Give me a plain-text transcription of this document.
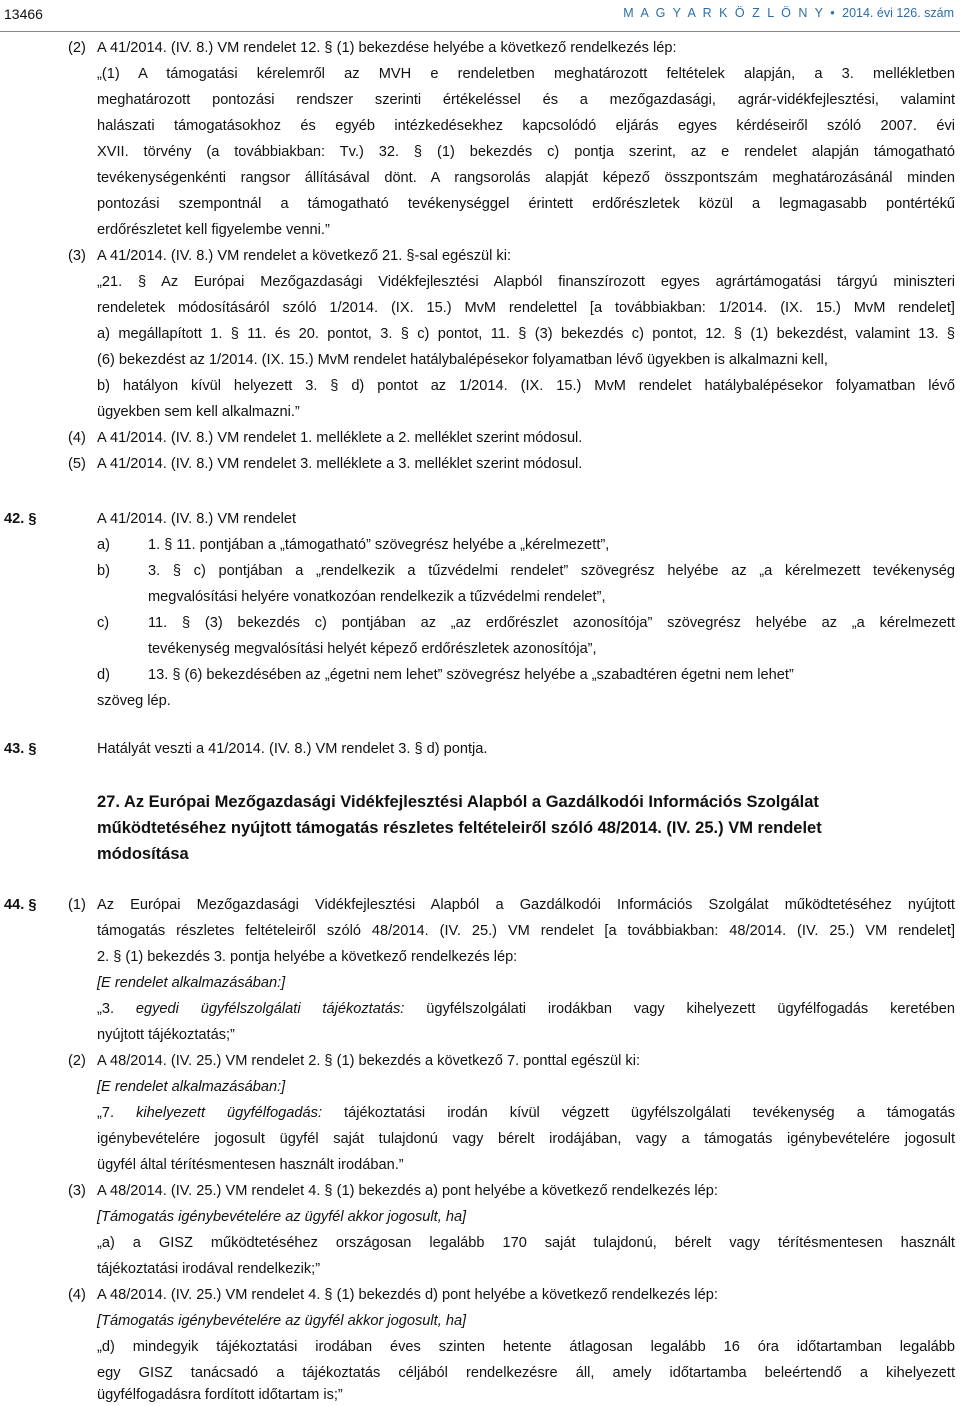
13466	M A G Y A R K Ö Z L Ö N Y • 2014. évi 126. szám
(2) A 41/2014. (IV. 8.) VM rendelet 12. § (1) bekezdése helyébe a következő rendelkezés lép:
„(1) A támogatási kérelemről az MVH e rendeletben meghatározott feltételek alapján, a 3. mellékletben
meghatározott pontozási rendszer szerinti értékeléssel és a mezőgazdasági, agrár-vidékfejlesztési, valamint
halászati támogatásokhoz és egyéb intézkedésekhez kapcsolódó eljárás egyes kérdéseiről szóló 2007. évi
XVII. törvény (a továbbiakban: Tv.) 32. § (1) bekezdés c) pontja szerint, az e rendelet alapján támogatható
tevékenységenkénti rangsor állításával dönt. A rangsorolás alapját képező összpontszám meghatározásánál minden
pontozási szempontnál a támogatható tevékenységgel érintett erdőrészletek közül a legmagasabb pontértékű
erdőrészletet kell figyelembe venni.”
(3) A 41/2014. (IV. 8.) VM rendelet a következő 21. §-sal egészül ki:
„21. § Az Európai Mezőgazdasági Vidékfejlesztési Alapból finanszírozott egyes agrártámogatási tárgyú miniszteri
rendeletek módosításáról szóló 1/2014. (IX. 15.) MvM rendelettel [a továbbiakban: 1/2014. (IX. 15.) MvM rendelet]
a) megállapított 1. § 11. és 20. pontot, 3. § c) pontot, 11. § (3) bekezdés c) pontot, 12. § (1) bekezdést, valamint 13. §
(6) bekezdést az 1/2014. (IX. 15.) MvM rendelet hatálybalépésekor folyamatban lévő ügyekben is alkalmazni kell,
b) hatályon kívül helyezett 3. § d) pontot az 1/2014. (IX. 15.) MvM rendelet hatálybalépésekor folyamatban lévő
ügyekben sem kell alkalmazni.”
(4) A 41/2014. (IV. 8.) VM rendelet 1. melléklete a 2. melléklet szerint módosul.
(5) A 41/2014. (IV. 8.) VM rendelet 3. melléklete a 3. melléklet szerint módosul.
42. §	A 41/2014. (IV. 8.) VM rendelet
a)	1. § 11. pontjában a „támogatható” szövegrész helyébe a „kérelmezett”,
b)	3. § c) pontjában a „rendelkezik a tűzvédelmi rendelet” szövegrész helyébe az „a kérelmezett tevékenység
megvalósítási helyére vonatkozóan rendelkezik a tűzvédelmi rendelet”,
c)	11. § (3) bekezdés c) pontjában az „az erdőrészlet azonosítója” szövegrész helyébe az „a kérelmezett
tevékenység megvalósítási helyét képező erdőrészletek azonosítója”,
d)	13. § (6) bekezdésében az „égetni nem lehet” szövegrész helyébe a „szabadtéren égetni nem lehet”
szöveg lép.
43. §	Hatályát veszti a 41/2014. (IV. 8.) VM rendelet 3. § d) pontja.
27. Az Európai Mezőgazdasági Vidékfejlesztési Alapból a Gazdálkodói Információs Szolgálat
működtetéséhez nyújtott támogatás részletes feltételeiről szóló 48/2014. (IV. 25.) VM rendelet
módosítása
44. § (1) Az Európai Mezőgazdasági Vidékfejlesztési Alapból a Gazdálkodói Információs Szolgálat működtetéséhez nyújtott
támogatás részletes feltételeiről szóló 48/2014. (IV. 25.) VM rendelet [a továbbiakban: 48/2014. (IV. 25.) VM rendelet]
2. § (1) bekezdés 3. pontja helyébe a következő rendelkezés lép:
[E rendelet alkalmazásában:]
„3. egyedi ügyfélszolgálati tájékoztatás: ügyfélszolgálati irodákban vagy kihelyezett ügyfélfogadás keretében
nyújtott tájékoztatás;”
(2) A 48/2014. (IV. 25.) VM rendelet 2. § (1) bekezdés a következő 7. ponttal egészül ki:
[E rendelet alkalmazásában:]
„7. kihelyezett ügyfélfogadás: tájékoztatási irodán kívül végzett ügyfélszolgálati tevékenység a támogatás
igénybevételére jogosult ügyfél saját tulajdonú vagy bérelt irodájában, vagy a támogatás igénybevételére jogosult
ügyfél által térítésmentesen használt irodában.”
(3) A 48/2014. (IV. 25.) VM rendelet 4. § (1) bekezdés a) pont helyébe a következő rendelkezés lép:
[Támogatás igénybevételére az ügyfél akkor jogosult, ha]
„a) a GISZ működtetéséhez országosan legalább 170 saját tulajdonú, bérelt vagy térítésmentesen használt
tájékoztatási irodával rendelkezik;”
(4) A 48/2014. (IV. 25.) VM rendelet 4. § (1) bekezdés d) pont helyébe a következő rendelkezés lép:
[Támogatás igénybevételére az ügyfél akkor jogosult, ha]
„d) mindegyik tájékoztatási irodában éves szinten hetente átlagosan legalább 16 óra időtartamban legalább
egy GISZ tanácsadó a tájékoztatás céljából rendelkezésre áll, amely időtartamba beleértendő a kihelyezett
ügyfélfogadásra fordított időtartam is;”
